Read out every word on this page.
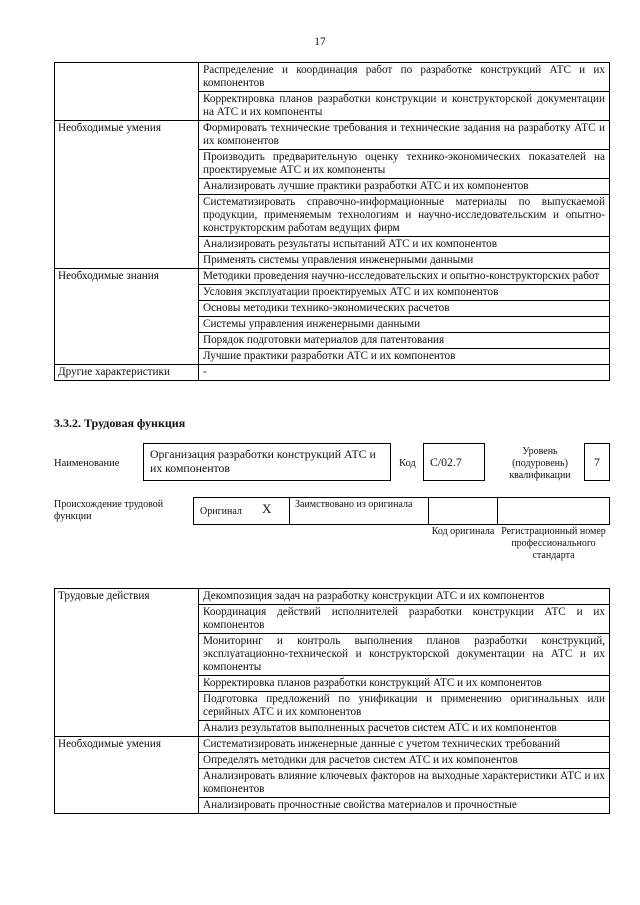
17
	Распределение и координация работ по разработке конструкций АТС и их компонентов
	Корректировка планов разработки конструкции и конструкторской документации на АТС и их компоненты
Необходимые умения	Формировать технические требования и технические задания на разработку АТС и их компонентов
	Производить предварительную оценку технико-экономических показателей на проектируемые АТС и их компоненты
	Анализировать лучшие практики разработки АТС и их компонентов
	Систематизировать справочно-информационные материалы по выпускаемой продукции, применяемым технологиям и научно-исследовательским и опытно-конструкторским работам ведущих фирм
	Анализировать результаты испытаний АТС и их компонентов
	Применять системы управления инженерными данными
Необходимые знания	Методики проведения научно-исследовательских и опытно-конструкторских работ
	Условия эксплуатации проектируемых АТС и их компонентов
	Основы методики технико-экономических расчетов
	Системы управления инженерными данными
	Порядок подготовки материалов для патентования
	Лучшие практики разработки АТС и их компонентов
Другие характеристики	-
3.3.2. Трудовая функция
Наименование
Организация разработки конструкций АТС и их компонентов	Код	C/02.7
Уровень (подуровень) квалификации
7
Происхождение трудовой функции	Оригинал X	Заимствовано из оригинала
Код оригинала Регистрационный номер профессионального стандарта
Трудовые действия	Декомпозиция задач на разработку конструкции АТС и их компонентов
	Координация действий исполнителей разработки конструкции АТС и их компонентов
	Мониторинг и контроль выполнения планов разработки конструкций, эксплуатационно-технической и конструкторской документации на АТС и их компоненты
	Корректировка планов разработки конструкций АТС и их компонентов
	Подготовка предложений по унификации и применению оригинальных или серийных АТС и их компонентов
	Анализ результатов выполненных расчетов систем АТС и их компонентов
Необходимые умения	Систематизировать инженерные данные с учетом технических требований
	Определять методики для расчетов систем АТС и их компонентов
	Анализировать влияние ключевых факторов на выходные характеристики АТС и их компонентов
	Анализировать прочностные свойства материалов и прочностные
